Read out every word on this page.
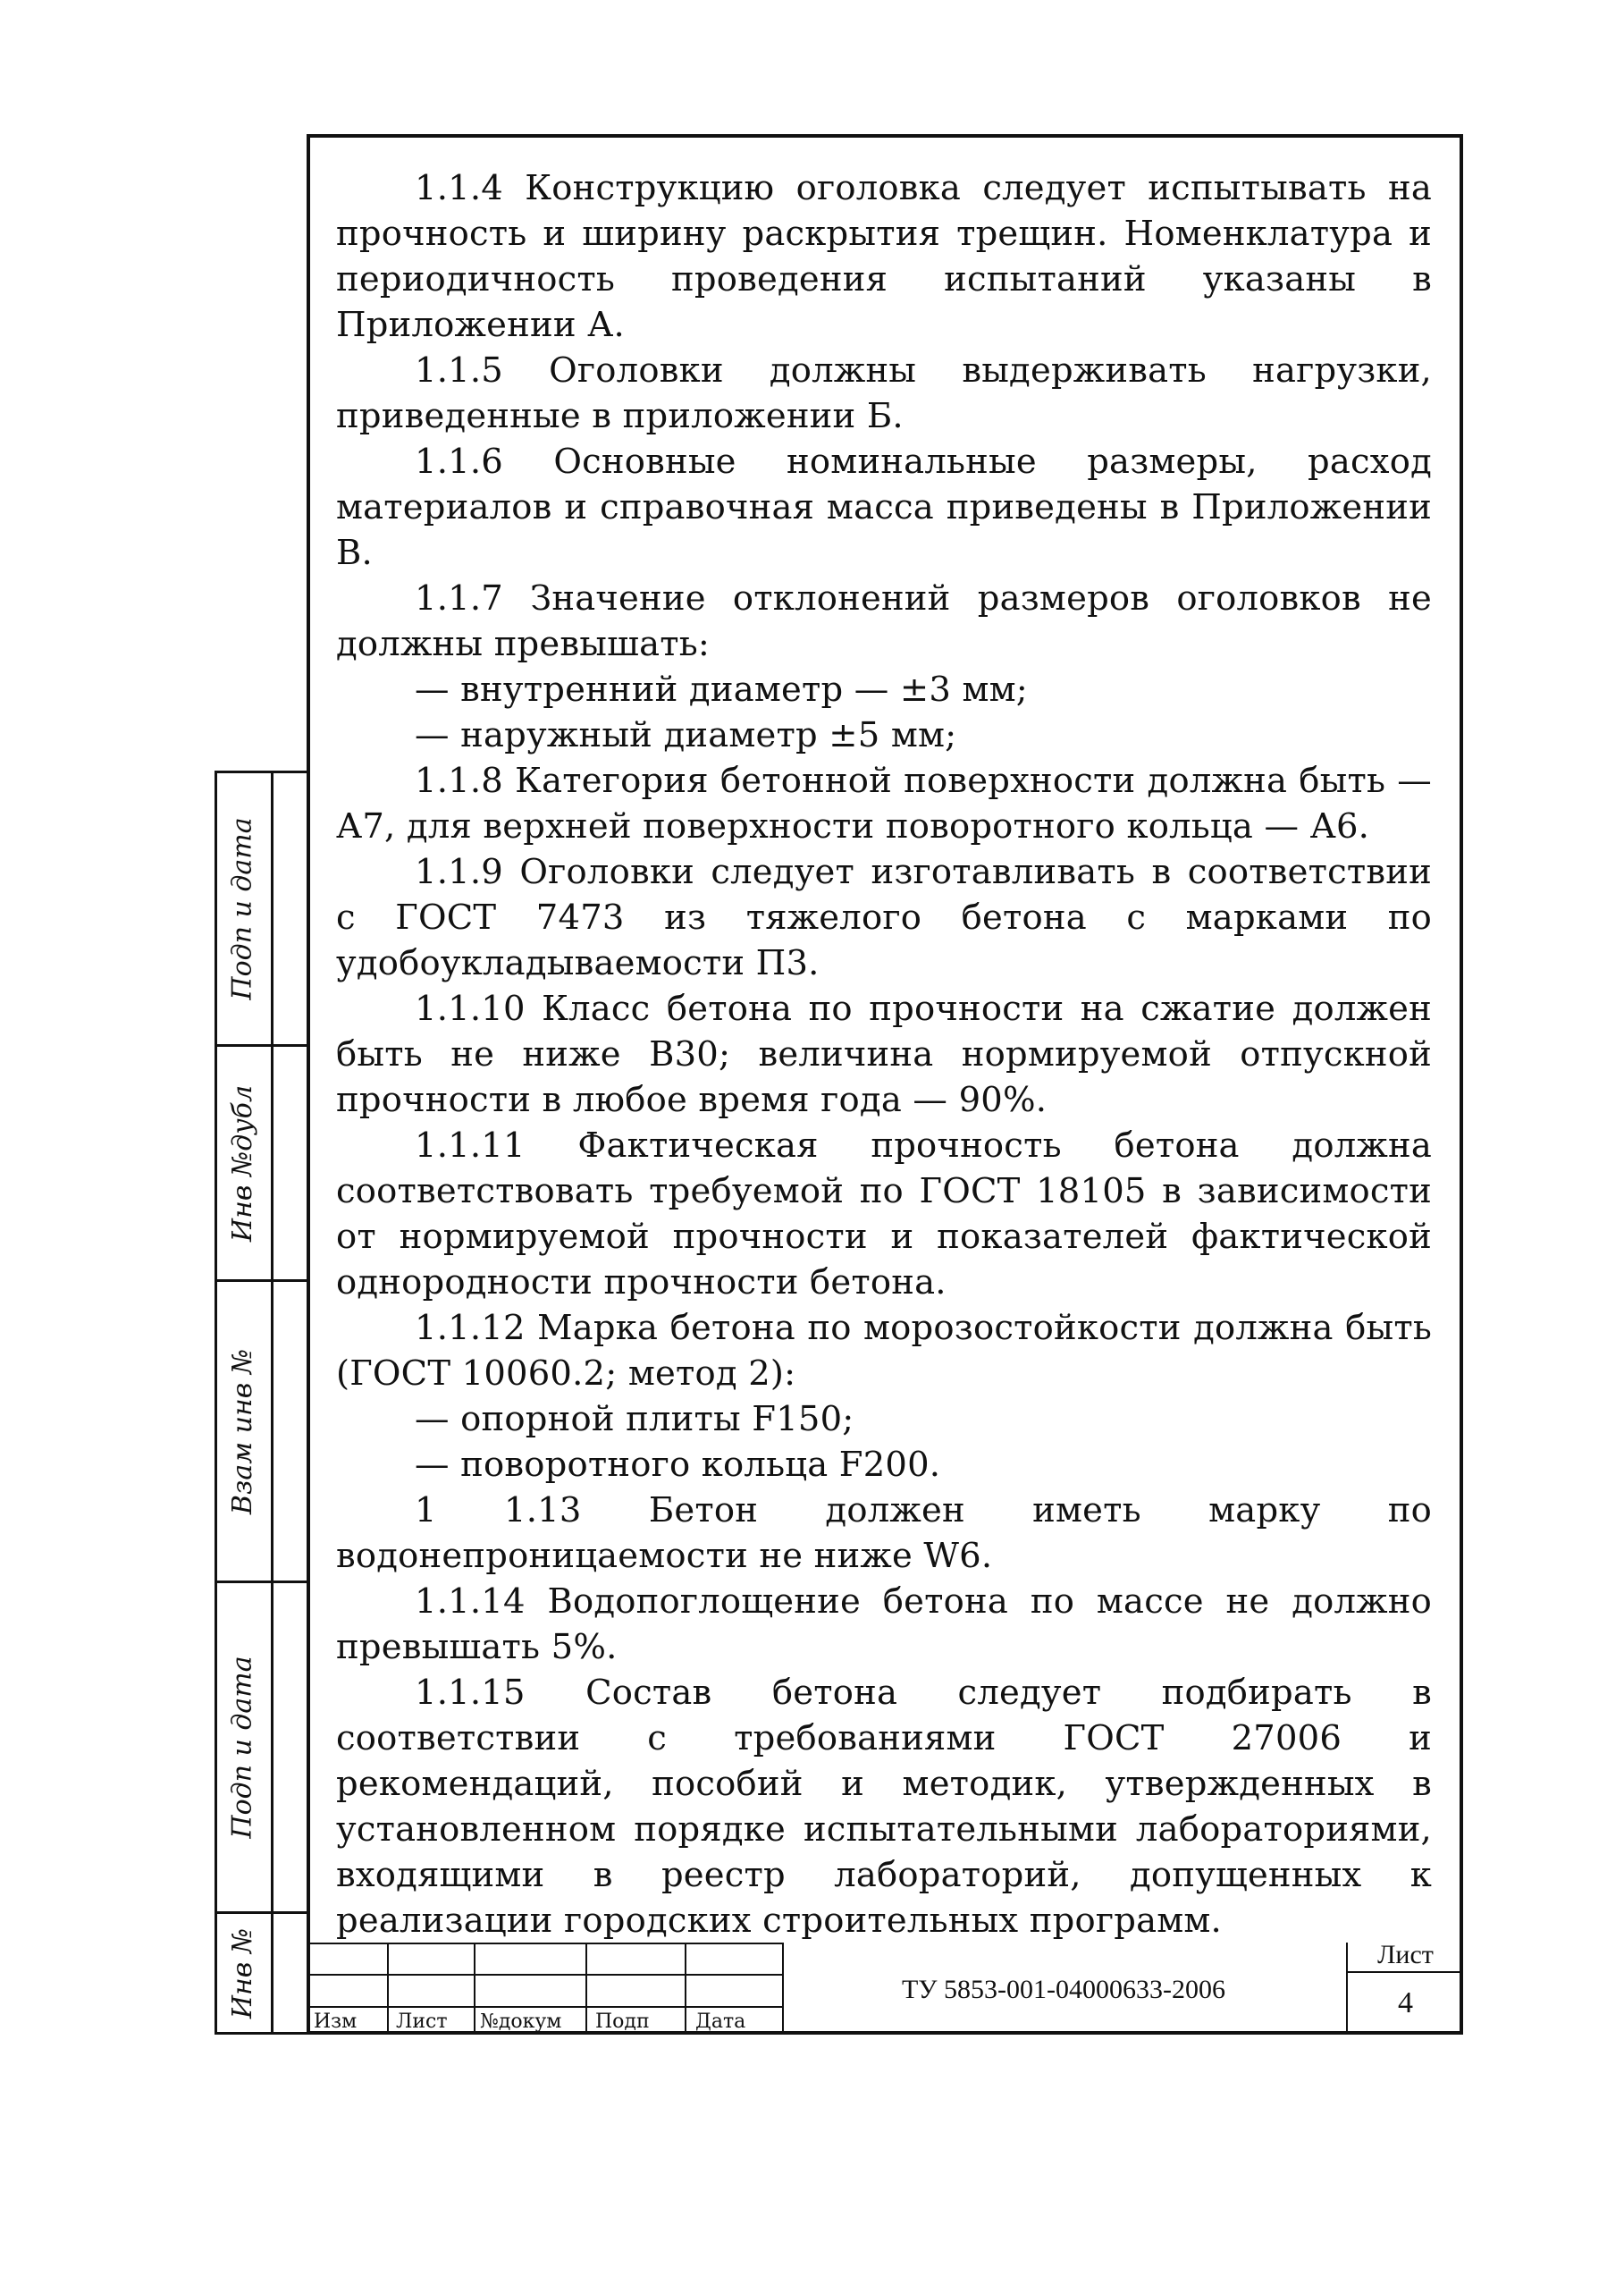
1.1.4 Конструкцию оголовка следует испытывать на прочность и ширину раскрытия трещин. Номенклатура и периодичность проведения испытаний указаны в Приложении А.

1.1.5 Оголовки должны выдерживать нагрузки, приведенные в приложении Б.

1.1.6 Основные номинальные размеры, расход материалов и справочная масса приведены в Приложении В.

1.1.7 Значение отклонений размеров оголовков не должны превышать:

— внутренний диаметр — ±3 мм;

— наружный диаметр ±5 мм;

1.1.8 Категория бетонной поверхности должна быть — А7, для верхней поверхности поворотного кольца — А6.

1.1.9 Оголовки следует изготавливать в соответствии с ГОСТ 7473 из тяжелого бетона с марками по удобоукладываемости П3.

1.1.10 Класс бетона по прочности на сжатие должен быть не ниже В30; величина нормируемой отпускной прочности в любое время года — 90%.

1.1.11 Фактическая прочность бетона должна соответствовать требуемой по ГОСТ 18105 в зависимости от нормируемой прочности и показателей фактической однородности прочности бетона.

1.1.12 Марка бетона по морозостойкости должна быть (ГОСТ 10060.2; метод 2):

— опорной плиты F150;

— поворотного кольца F200.

1 1.13 Бетон должен иметь марку по водонепроницаемости не ниже W6.

1.1.14 Водопоглощение бетона по массе не должно превышать 5%.

1.1.15 Состав бетона следует подбирать в соответствии с требованиями ГОСТ 27006 и рекомендаций, пособий и методик, утвержденных в установленном порядке испытательными лабораториями, входящими в реестр лабораторий, допущенных к реализации городских строительных программ.

Подп и дата
Инв №дубл
Взам инв №
Подп и дата
Инв №
Изм Лист №докум Подп Дата
ТУ 5853-001-04000633-2006
Лист
4
